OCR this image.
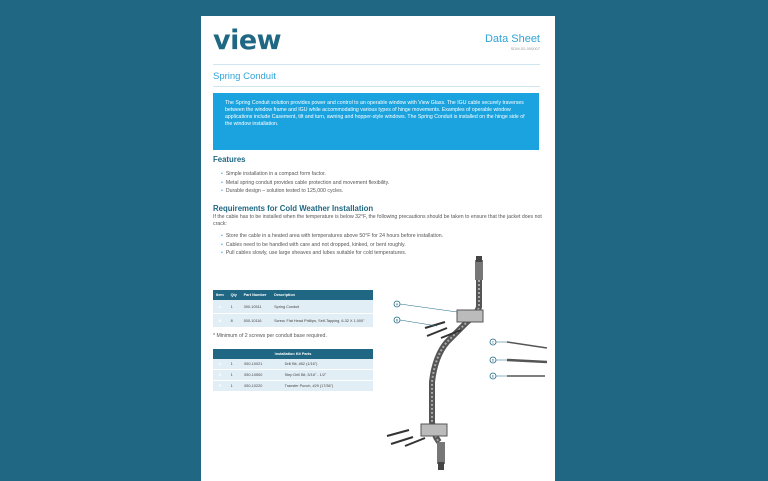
view	Data Sheet
SDM-02-000007
Spring Conduit
The Spring Conduit solution provides power and control to an operable window with View Glass. The IGU cable securely traverses between the window frame and IGU while accommodating various types of hinge movements. Examples of operable window applications include Casement, tilt and turn, awning and hopper-style windows. The Spring Conduit is installed on the hinge side of the window installation.
Features
• Simple installation in a compact form factor.
• Metal spring conduit provides cable protection and movement flexibility.
• Durable design – solution tested to 125,000 cycles.
Requirements for Cold Weather Installation
If the cable has to be installed when the temperature is below 32°F, the following precautions should be taken to ensure that the jacket does not crack:
• Store the cable in a heated area with temperatures above 50°F for 24 hours before installation.
• Cables need to be handled with care and not dropped, kinked, or bent roughly.
• Pull cables slowly, use large sheaves and lubes suitable for cold temperatures.
Item	Qty	Part Number	Description
A	1	390-10511	Spring Conduit
B	8	500-10116	Screw, Flat Head Phillips, Self-Tapping, 6-32 X 1.000"
* Minimum of 2 screws per conduit base required.
Installation Kit Parts			
C	1	050-10021	Drill Bit, #52 (1/16")
D	1	050-10500	Step Drill Bit, 5/16" - 1/2"
E	1	050-10220	Transfer Punch, #29 (17/36")
A
B
C
D
E
